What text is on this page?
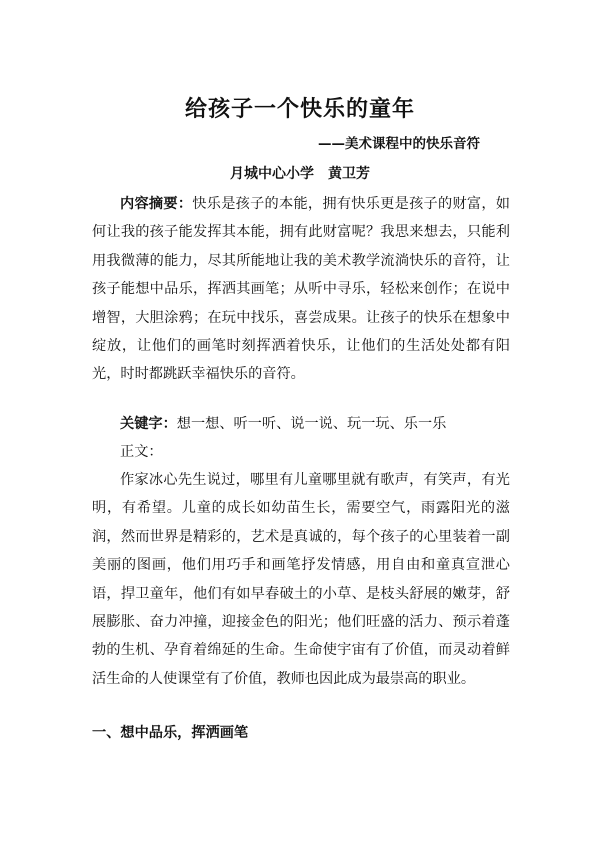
给孩子一个快乐的童年
——美术课程中的快乐音符
月城中心小学 黄卫芳

内容摘要：快乐是孩子的本能，拥有快乐更是孩子的财富，如何让我的孩子能发挥其本能，拥有此财富呢？我思来想去，只能利用我微薄的能力，尽其所能地让我的美术教学流淌快乐的音符，让孩子能想中品乐，挥洒其画笔；从听中寻乐，轻松来创作；在说中增智，大胆涂鸦；在玩中找乐，喜尝成果。让孩子的快乐在想象中绽放，让他们的画笔时刻挥洒着快乐，让他们的生活处处都有阳光，时时都跳跃幸福快乐的音符。

关键字：想一想、听一听、说一说、玩一玩、乐一乐

正文：

作家冰心先生说过，哪里有儿童哪里就有歌声，有笑声，有光明，有希望。儿童的成长如幼苗生长，需要空气，雨露阳光的滋润，然而世界是精彩的，艺术是真诚的，每个孩子的心里装着一副美丽的图画，他们用巧手和画笔抒发情感，用自由和童真宣泄心语，捍卫童年，他们有如早春破土的小草、是枝头舒展的嫩芽，舒展膨胀、奋力冲撞，迎接金色的阳光；他们旺盛的活力、预示着蓬勃的生机、孕育着绵延的生命。生命使宇宙有了价值，而灵动着鲜活生命的人使课堂有了价值，教师也因此成为最崇高的职业。

一、想中品乐，挥洒画笔
